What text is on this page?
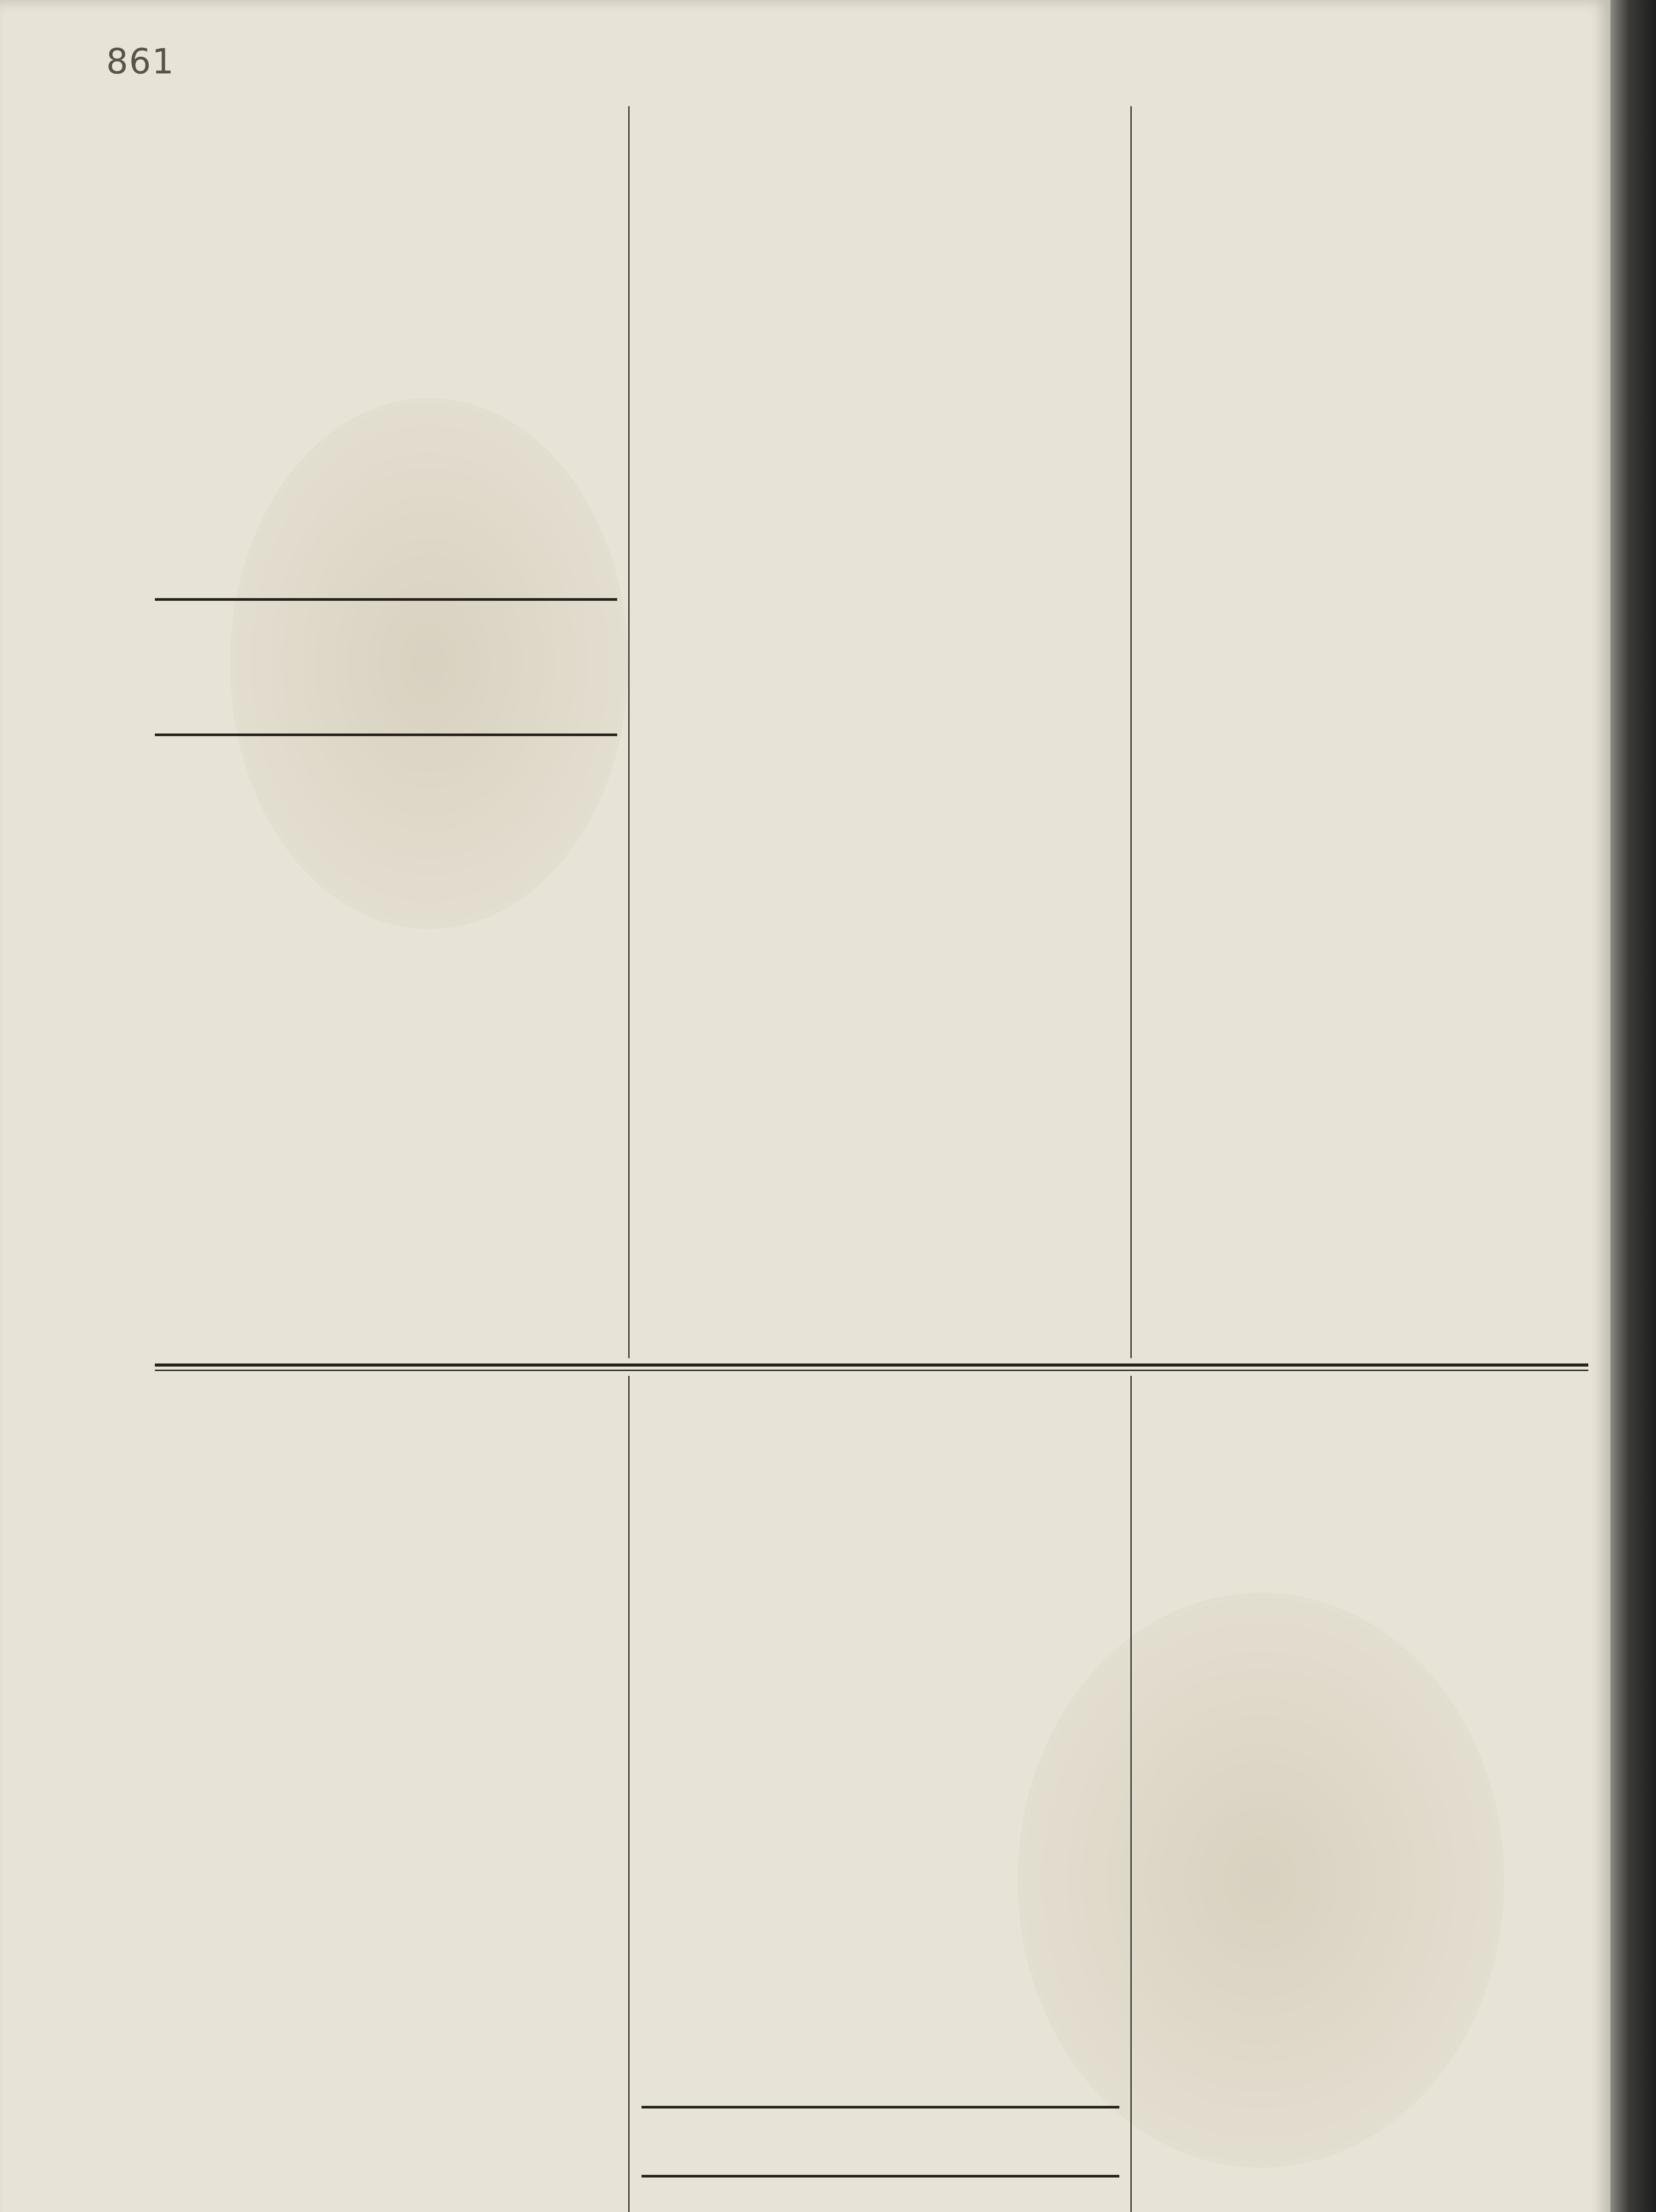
861
